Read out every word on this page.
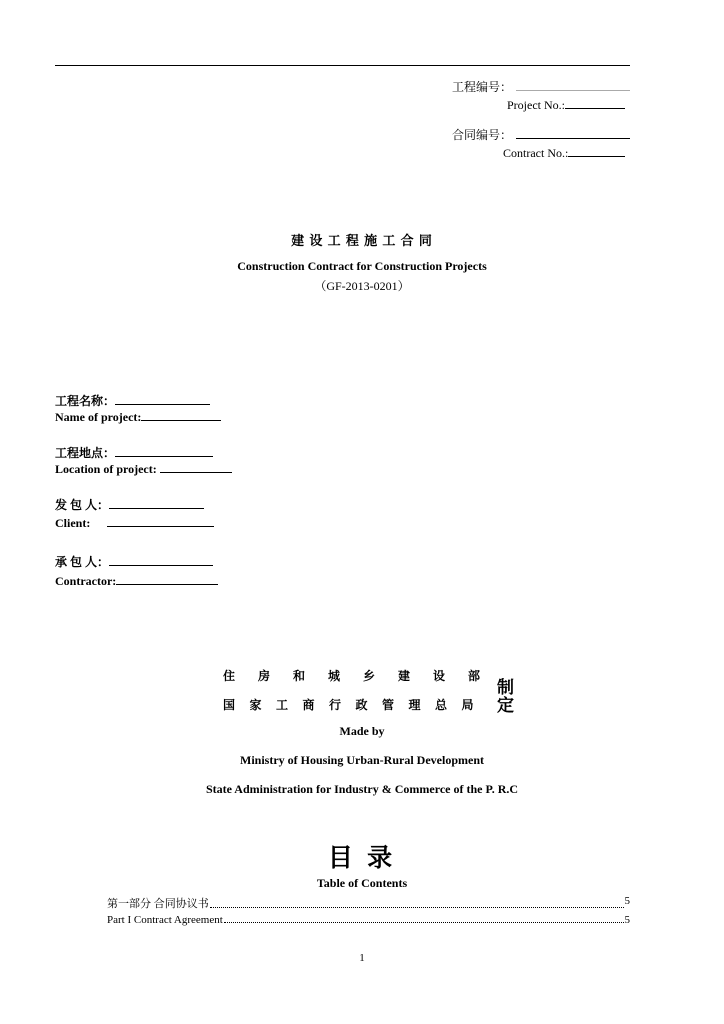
工程编号：
Project No.:
合同编号：
Contract No.:
建 设 工 程 施 工 合 同
Construction Contract for Construction Projects
（GF-2013-0201）
工程名称：
Name of project:
工程地点：
Location of project:
发 包 人：
Client:
承 包 人：
Contractor:
住 房 和 城 乡 建 设 部
国 家 工 商 行 政 管 理 总 局
制
定
Made by
Ministry of Housing Urban-Rural Development
State Administration for Industry & Commerce of the P. R.C
目 录
Table of Contents
第一部分 合同协议书	5
Part I Contract Agreement	5
1
